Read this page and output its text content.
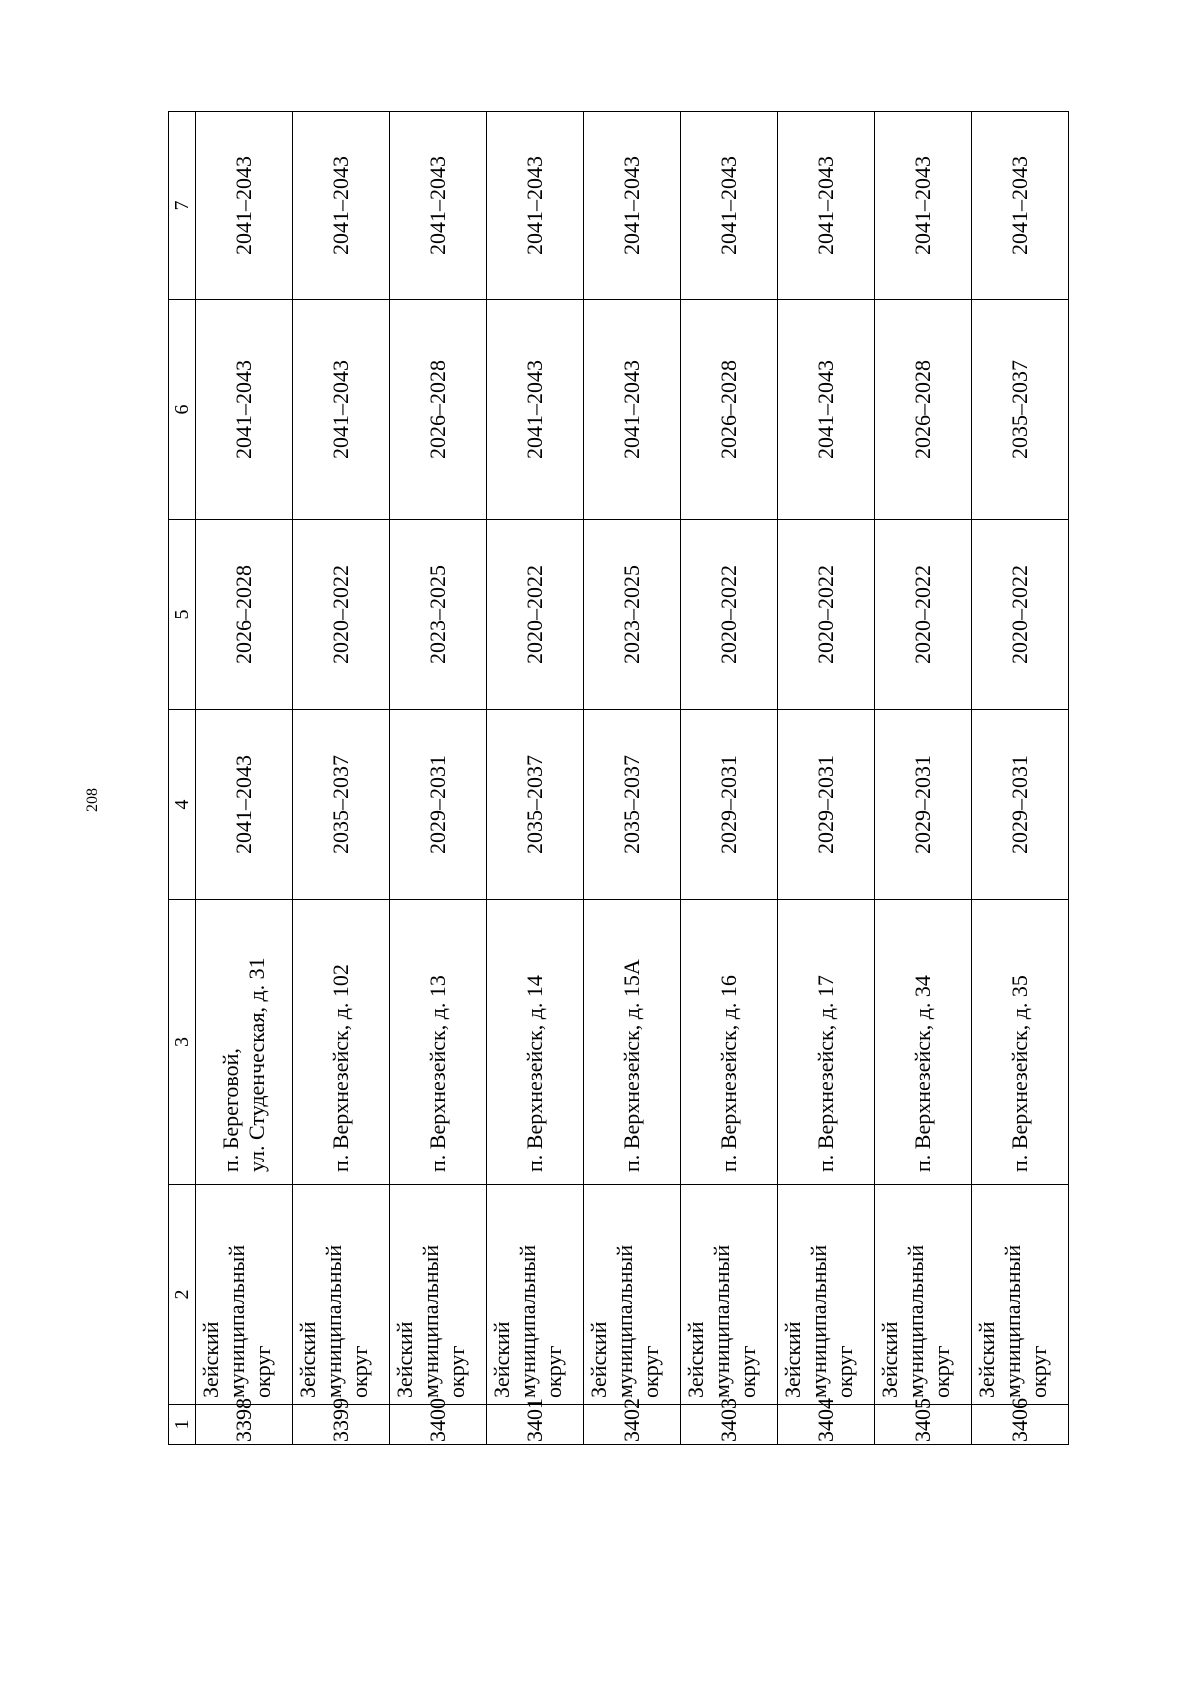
208
1	2	3	4	5	6	7
3398	Зейский
муниципальный
округ	п. Береговой,
ул. Студенческая, д. 31	2041–2043	2026–2028	2041–2043	2041–2043
3399	Зейский
муниципальный
округ	п. Верхнезейск, д. 102	2035–2037	2020–2022	2041–2043	2041–2043
3400	Зейский
муниципальный
округ	п. Верхнезейск, д. 13	2029–2031	2023–2025	2026–2028	2041–2043
3401	Зейский
муниципальный
округ	п. Верхнезейск, д. 14	2035–2037	2020–2022	2041–2043	2041–2043
3402	Зейский
муниципальный
округ	п. Верхнезейск, д. 15А	2035–2037	2023–2025	2041–2043	2041–2043
3403	Зейский
муниципальный
округ	п. Верхнезейск, д. 16	2029–2031	2020–2022	2026–2028	2041–2043
3404	Зейский
муниципальный
округ	п. Верхнезейск, д. 17	2029–2031	2020–2022	2041–2043	2041–2043
3405	Зейский
муниципальный
округ	п. Верхнезейск, д. 34	2029–2031	2020–2022	2026–2028	2041–2043
3406	Зейский
муниципальный
округ	п. Верхнезейск, д. 35	2029–2031	2020–2022	2035–2037	2041–2043
